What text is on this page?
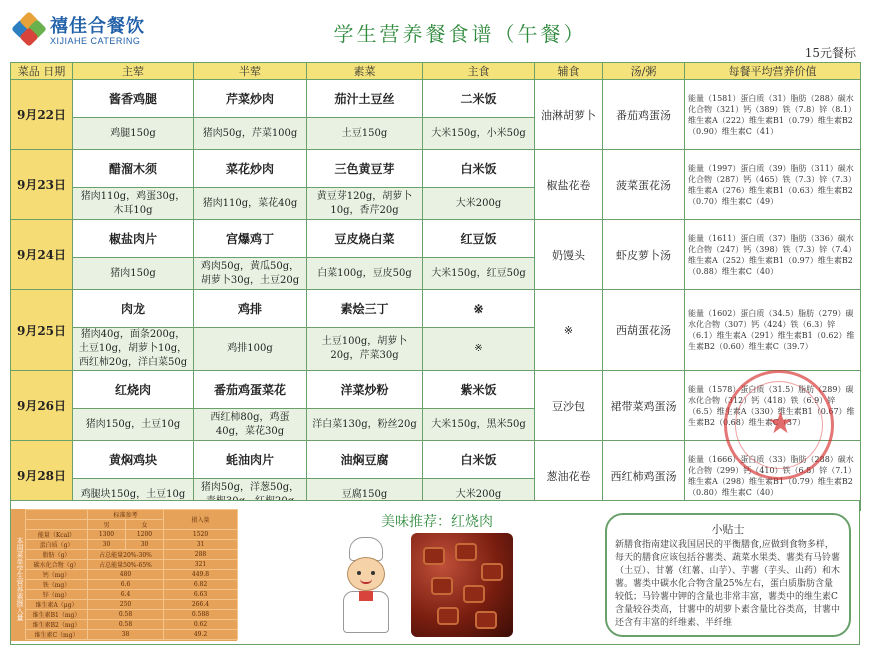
禧佳合餐饮
XIJIAHE CATERING	学生营养餐食谱（午餐）
15元餐标
菜品 日期	主荤	半荤	素菜	主食	辅食	汤/粥	每餐平均营养价值
9月22日	酱香鸡腿	芹菜炒肉	茄汁土豆丝	二米饭	油淋胡萝卜	番茄鸡蛋汤	能量（1581）蛋白质（31）脂肪（288）碳水化合物（321）钙（389）铁（7.8）锌（8.1）维生素A（222）维生素B1（0.79）维生素B2（0.90）维生素C（41）
	鸡腿150g	猪肉50g，芹菜100g	土豆150g	大米150g，小米50g			
9月23日	醋溜木须	菜花炒肉	三色黄豆芽	白米饭	椒盐花卷	菠菜蛋花汤	能量（1997）蛋白质（39）脂肪（311）碳水化合物（287）钙（465）铁（7.3）锌（7.3）维生素A（276）维生素B1（0.63）维生素B2（0.70）维生素C（49）
	猪肉110g，鸡蛋30g，木耳10g	猪肉110g，菜花40g	黄豆芽120g，胡萝卜10g，香芹20g	大米200g			
9月24日	椒盐肉片	宫爆鸡丁	豆皮烧白菜	红豆饭	奶馒头	虾皮萝卜汤	能量（1611）蛋白质（37）脂肪（336）碳水化合物（247）钙（398）铁（7.3）锌（7.4）维生素A（252）维生素B1（0.97）维生素B2（0.88）维生素C（40）
	猪肉150g	鸡肉50g，黄瓜50g，胡萝卜30g，土豆20g	白菜100g，豆皮50g	大米150g，红豆50g			
9月25日	肉龙	鸡排	素烩三丁	※	※	西葫蛋花汤	能量（1602）蛋白质（34.5）脂肪（279）碳水化合物（307）钙（424）铁（6.3）锌（6.1）维生素A（291）维生素B1（0.62）维生素B2（0.60）维生素C（39.7）
	猪肉40g，面条200g，土豆10g，胡萝卜10g，西红柿20g，洋白菜50g	鸡排100g	土豆100g，胡萝卜20g，芹菜30g	※			
9月26日	红烧肉	番茄鸡蛋菜花	洋菜炒粉	紫米饭	豆沙包	裙带菜鸡蛋汤	能量（1578）蛋白质（31.5）脂肪（289）碳水化合物（312）钙（418）铁（6.9）锌（6.5）维生素A（330）维生素B1（0.67）维生素B2（0.68）维生素C（37）
	猪肉150g，土豆10g	西红柿80g，鸡蛋40g，菜花30g	洋白菜130g，粉丝20g	大米150g，黑米50g			
9月28日	黄焖鸡块	蚝油肉片	油焖豆腐	白米饭	葱油花卷	西红柿鸡蛋汤	能量（1666）蛋白质（33）脂肪（288）碳水化合物（299）钙（410）铁（6.8）锌（7.1）维生素A（298）维生素B1（0.79）维生素B2（0.80）维生素C（40）
	鸡腿块150g，土豆10g	猪肉50g，洋葱50g，	豆腐150g	大米200g			
★
本周菜单学生营养素摄入量
	标准参考		摄入量
	男	女	
能量（Kcal）	1300	1200	1520
蛋白质（g）	30	30	31
脂肪（g）	占总能量20%-30%		288
碳水化合物（g）	占总能量50%-65%		321
钙（mg）	480		449.8
铁（mg）	6.6		6.82
锌（mg）	6.4		6.63
维生素A（μg）	250		266.4
维生素B1（mg）	0.58		0.588
维生素B2（mg）	0.58		0.62
维生素C（mg）	38		49.2
美味推荐：红烧肉	小贴士
新膳食指南建议我国居民的平衡膳食,应做到食物多样，每天的膳食应该包括谷薯类、蔬菜水果类、薯类有马铃薯（土豆）、甘薯（红薯、山芋）、芋薯（芋头、山药）和木薯。薯类中碳水化合物含量25%左右，蛋白质脂肪含量较低；马铃薯中钾的含量也非常丰富，薯类中的维生素C含量较谷类高，甘薯中的胡萝卜素含量比谷类高，甘薯中还含有丰富的纤维素、半纤维
